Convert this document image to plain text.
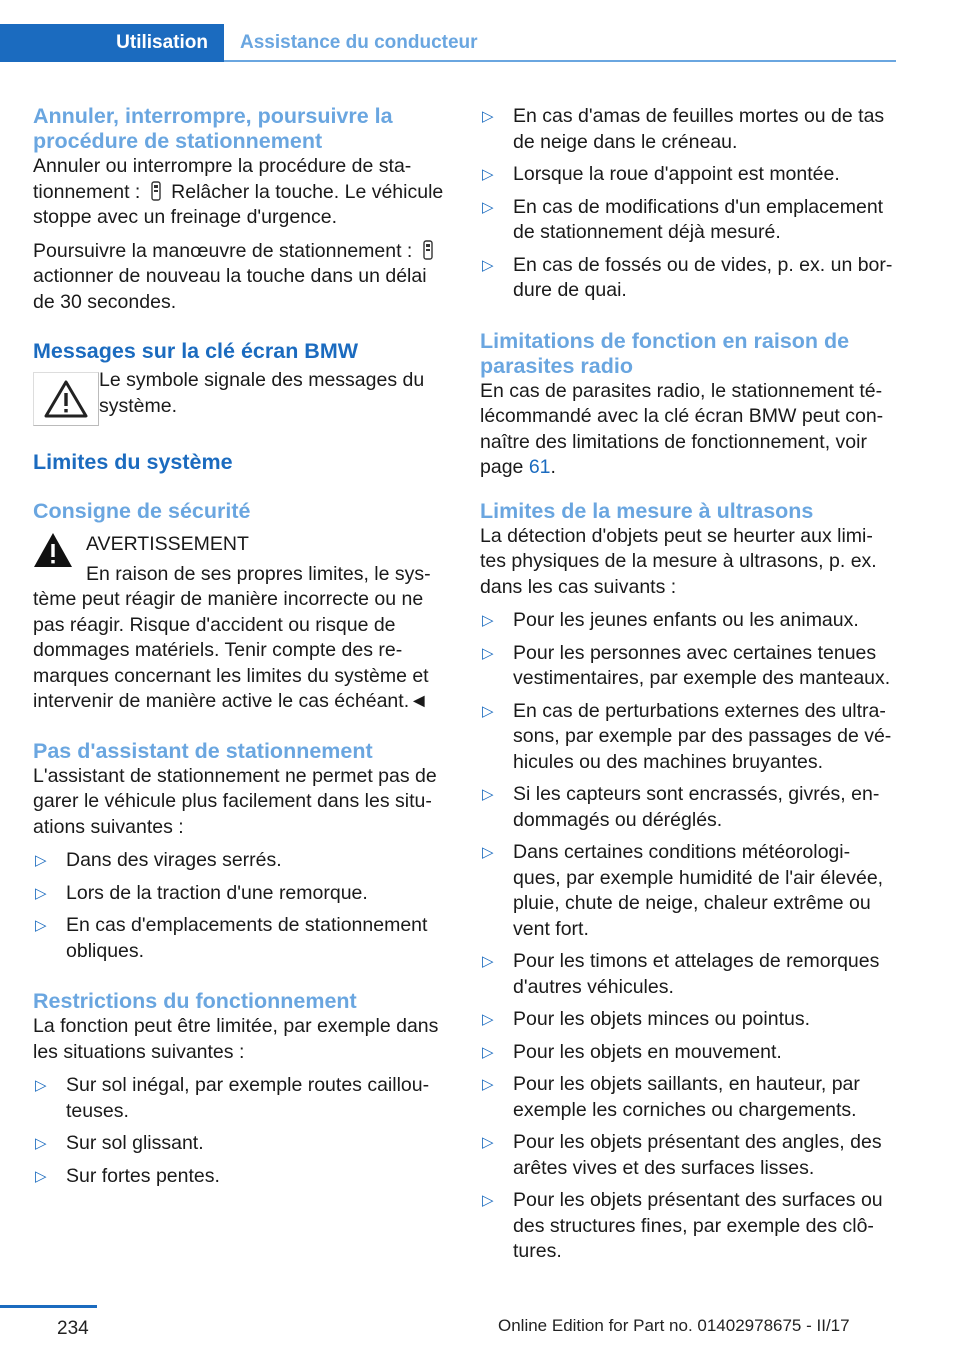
Utilisation	Assistance du conducteur
Annuler, interrompre, poursuivre la procédure de stationnement

Annuler ou interrompre la procédure de sta-tionnement : Relâcher la touche. Le véhicule stoppe avec un freinage d'urgence.

Poursuivre la manœuvre de stationnement :  actionner de nouveau la touche dans un délai de 30 secondes.

Messages sur la clé écran BMW

Le symbole signale des messages du système.

Limites du système
Consigne de sécurité

AVERTISSEMENT

En raison de ses propres limites, le sys-

tème peut réagir de manière incorrecte ou ne pas réagir. Risque d'accident ou risque de dommages matériels. Tenir compte des re-marques concernant les limites du système et intervenir de manière active le cas échéant.◄

Pas d'assistant de stationnement

L'assistant de stationnement ne permet pas de garer le véhicule plus facilement dans les situ-ations suivantes :

▷ Dans des virages serrés.
▷ Lors de la traction d'une remorque.
▷ En cas d'emplacements de stationnement obliques.
Restrictions du fonctionnement

La fonction peut être limitée, par exemple dans les situations suivantes :

▷ Sur sol inégal, par exemple routes caillou-teuses.
▷ Sur sol glissant.
▷ Sur fortes pentes.
▷ En cas d'amas de feuilles mortes ou de tas de neige dans le créneau.
▷ Lorsque la roue d'appoint est montée.
▷ En cas de modifications d'un emplacement de stationnement déjà mesuré.
▷ En cas de fossés ou de vides, p. ex. un bor-dure de quai.
Limitations de fonction en raison de parasites radio

En cas de parasites radio, le stationnement té-lécommandé avec la clé écran BMW peut con-naître des limitations de fonctionnement, voir page 61.

Limites de la mesure à ultrasons

La détection d'objets peut se heurter aux limi-tes physiques de la mesure à ultrasons, p. ex. dans les cas suivants :

▷ Pour les jeunes enfants ou les animaux.
▷ Pour les personnes avec certaines tenues vestimentaires, par exemple des manteaux.
▷ En cas de perturbations externes des ultra-sons, par exemple par des passages de vé-hicules ou des machines bruyantes.
▷ Si les capteurs sont encrassés, givrés, en-dommagés ou déréglés.
▷ Dans certaines conditions météorologi-ques, par exemple humidité de l'air élevée, pluie, chute de neige, chaleur extrême ou vent fort.
▷ Pour les timons et attelages de remorques d'autres véhicules.
▷ Pour les objets minces ou pointus.
▷ Pour les objets en mouvement.
▷ Pour les objets saillants, en hauteur, par exemple les corniches ou chargements.
▷ Pour les objets présentant des angles, des arêtes vives et des surfaces lisses.
▷ Pour les objets présentant des surfaces ou des structures fines, par exemple des clô-tures.
234	Online Edition for Part no. 01402978675 - II/17
